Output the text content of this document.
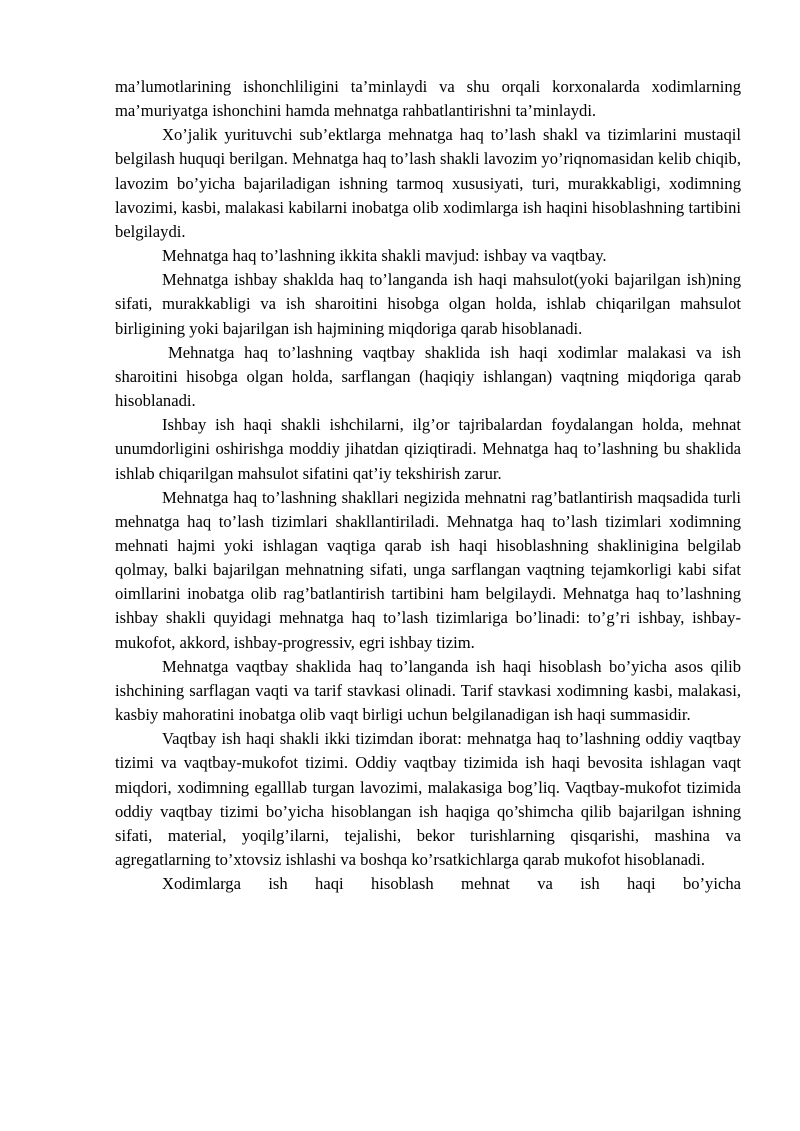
ma’lumotlarining ishonchliligini ta’minlaydi va shu orqali korxonalarda xodimlarning ma’muriyatga ishonchini hamda mehnatga rahbatlantirishni ta’minlaydi.

Xo’jalik yurituvchi sub’ektlarga mehnatga haq to’lash shakl va tizimlarini mustaqil belgilash huquqi berilgan. Mehnatga haq to’lash shakli lavozim yo’riqnomasidan kelib chiqib, lavozim bo’yicha bajariladigan ishning tarmoq xususiyati, turi, murakkabligi, xodimning lavozimi, kasbi, malakasi kabilarni inobatga olib xodimlarga ish haqini hisoblashning tartibini belgilaydi.

Mehnatga haq to’lashning ikkita shakli mavjud: ishbay va vaqtbay.

Mehnatga ishbay shaklda haq to’langanda ish haqi mahsulot(yoki bajarilgan ish)ning sifati, murakkabligi va ish sharoitini hisobga olgan holda, ishlab chiqarilgan mahsulot birligining yoki bajarilgan ish hajmining miqdoriga qarab hisoblanadi.

Mehnatga haq to’lashning vaqtbay shaklida ish haqi xodimlar malakasi va ish sharoitini hisobga olgan holda, sarflangan (haqiqiy ishlangan) vaqtning miqdoriga qarab hisoblanadi.

Ishbay ish haqi shakli ishchilarni, ilg’or tajribalardan foydalangan holda, mehnat unumdorligini oshirishga moddiy jihatdan qiziqtiradi. Mehnatga haq to’lashning bu shaklida ishlab chiqarilgan mahsulot sifatini qat’iy tekshirish zarur.

Mehnatga haq to’lashning shakllari negizida mehnatni rag’batlantirish maqsadida turli mehnatga haq to’lash tizimlari shakllantiriladi. Mehnatga haq to’lash tizimlari xodimning mehnati hajmi yoki ishlagan vaqtiga qarab ish haqi hisoblashning shaklinigina belgilab qolmay, balki bajarilgan mehnatning sifati, unga sarflangan vaqtning tejamkorligi kabi sifat oimllarini inobatga olib rag’batlantirish tartibini ham belgilaydi. Mehnatga haq to’lashning ishbay shakli quyidagi mehnatga haq to’lash tizimlariga bo’linadi: to’g’ri ishbay, ishbay-mukofot, akkord, ishbay-progressiv, egri ishbay tizim.

Mehnatga vaqtbay shaklida haq to’langanda ish haqi hisoblash bo’yicha asos qilib ishchining sarflagan vaqti va tarif stavkasi olinadi. Tarif stavkasi xodimning kasbi, malakasi, kasbiy mahoratini inobatga olib vaqt birligi uchun belgilanadigan ish haqi summasidir.

Vaqtbay ish haqi shakli ikki tizimdan iborat: mehnatga haq to’lashning oddiy vaqtbay tizimi va vaqtbay-mukofot tizimi. Oddiy vaqtbay tizimida ish haqi bevosita ishlagan vaqt miqdori, xodimning egalllab turgan lavozimi, malakasiga bog’liq. Vaqtbay-mukofot tizimida oddiy vaqtbay tizimi bo’yicha hisoblangan ish haqiga qo’shimcha qilib bajarilgan ishning sifati, material, yoqilg’ilarni, tejalishi, bekor turishlarning qisqarishi, mashina va agregatlarning to’xtovsiz ishlashi va boshqa ko’rsatkichlarga qarab mukofot hisoblanadi.

Xodimlarga ish haqi hisoblash mehnat va ish haqi bo’yicha
